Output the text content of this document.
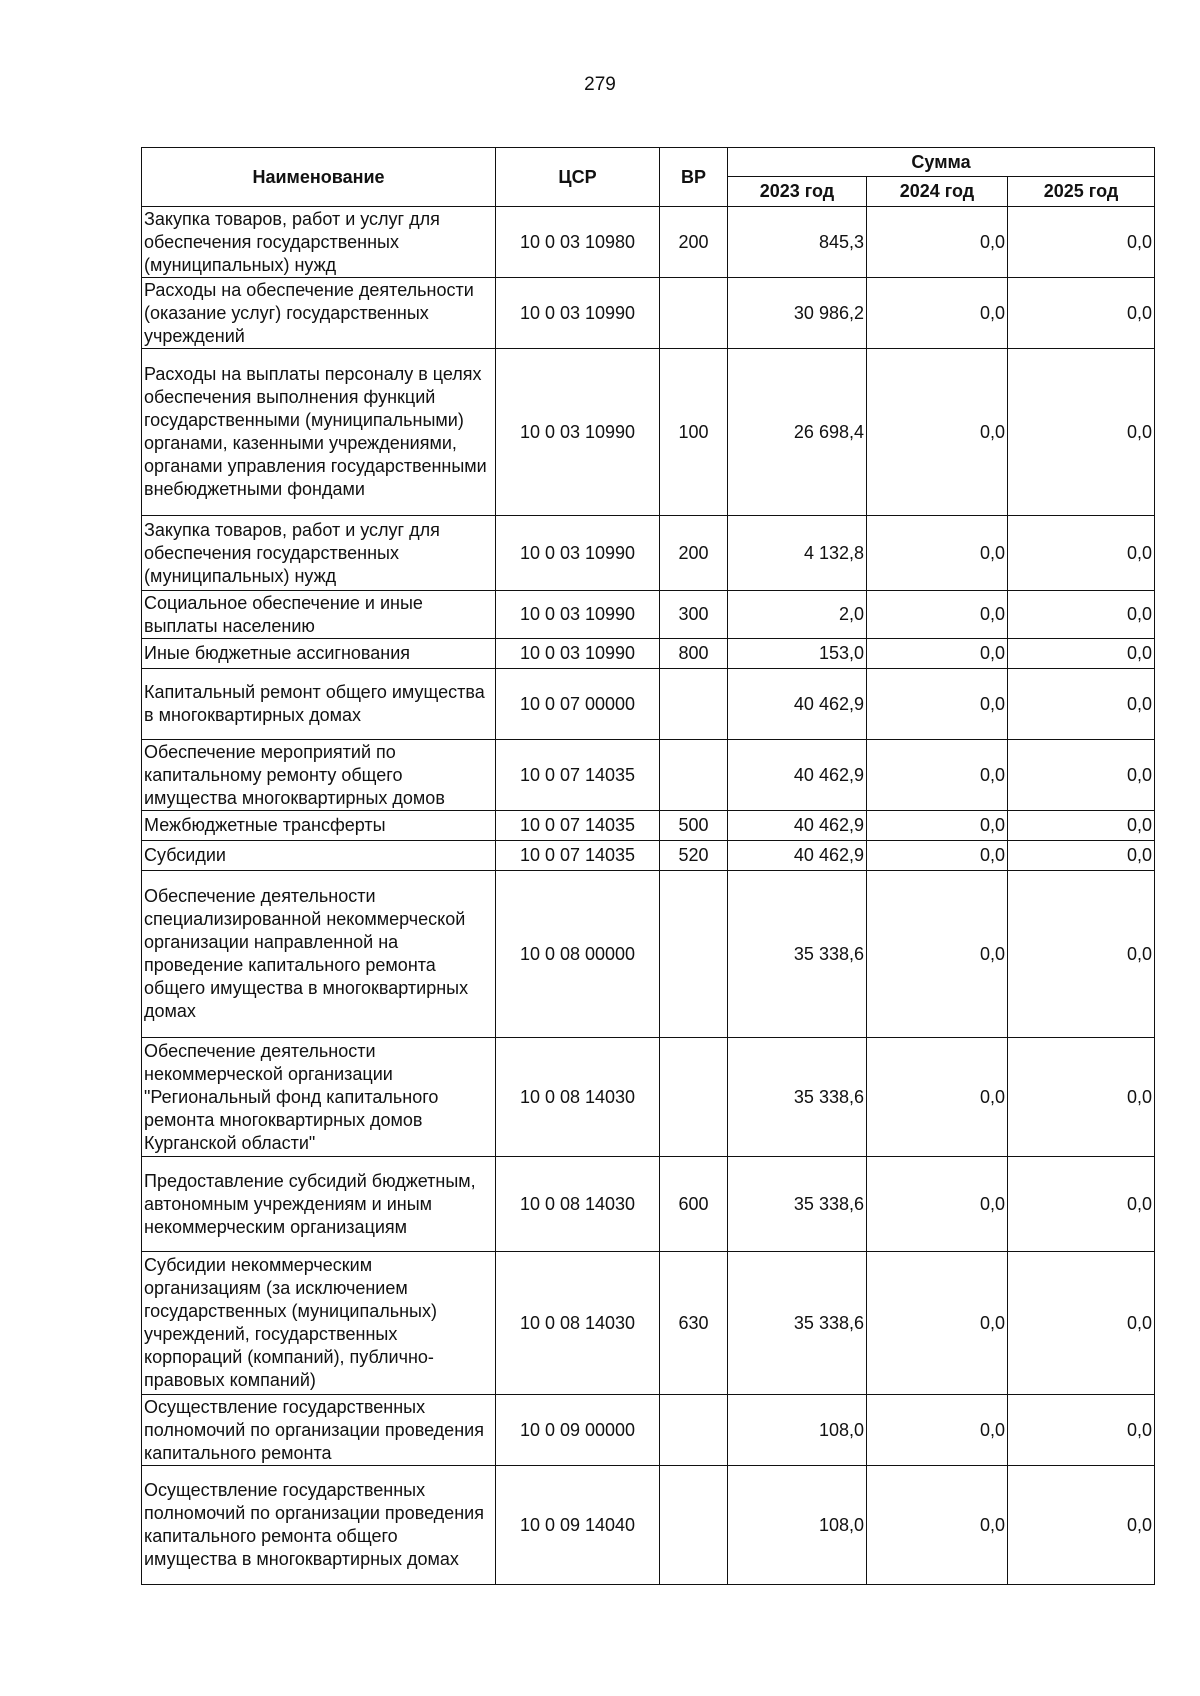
279
Наименование	ЦСР	ВР	Сумма		
			2023 год	2024 год	2025 год
Закупка товаров, работ и услуг для обеспечения государственных (муниципальных) нужд	10 0 03 10980	200	845,3	0,0	0,0
Расходы на обеспечение деятельности (оказание услуг) государственных учреждений	10 0 03 10990		30 986,2	0,0	0,0
Расходы на выплаты персоналу в целях обеспечения выполнения функций государственными (муниципальными) органами, казенными учреждениями, органами управления государственными внебюджетными фондами	10 0 03 10990	100	26 698,4	0,0	0,0
Закупка товаров, работ и услуг для обеспечения государственных (муниципальных) нужд	10 0 03 10990	200	4 132,8	0,0	0,0
Социальное обеспечение и иные выплаты населению	10 0 03 10990	300	2,0	0,0	0,0
Иные бюджетные ассигнования	10 0 03 10990	800	153,0	0,0	0,0
Капитальный ремонт общего имущества в многоквартирных домах	10 0 07 00000		40 462,9	0,0	0,0
Обеспечение мероприятий по капитальному ремонту общего имущества многоквартирных домов	10 0 07 14035		40 462,9	0,0	0,0
Межбюджетные трансферты	10 0 07 14035	500	40 462,9	0,0	0,0
Субсидии	10 0 07 14035	520	40 462,9	0,0	0,0
Обеспечение деятельности специализированной некоммерческой организации направленной на проведение капитального ремонта общего имущества в многоквартирных домах	10 0 08 00000		35 338,6	0,0	0,0
Обеспечение деятельности некоммерческой организации "Региональный фонд капитального ремонта многоквартирных домов Курганской области"	10 0 08 14030		35 338,6	0,0	0,0
Предоставление субсидий бюджетным, автономным учреждениям и иным некоммерческим организациям	10 0 08 14030	600	35 338,6	0,0	0,0
Субсидии некоммерческим организациям (за исключением государственных (муниципальных) учреждений, государственных корпораций (компаний), публично-правовых компаний)	10 0 08 14030	630	35 338,6	0,0	0,0
Осуществление государственных полномочий по организации проведения капитального ремонта	10 0 09 00000		108,0	0,0	0,0
Осуществление государственных полномочий по организации проведения капитального ремонта общего имущества в многоквартирных домах	10 0 09 14040		108,0	0,0	0,0
